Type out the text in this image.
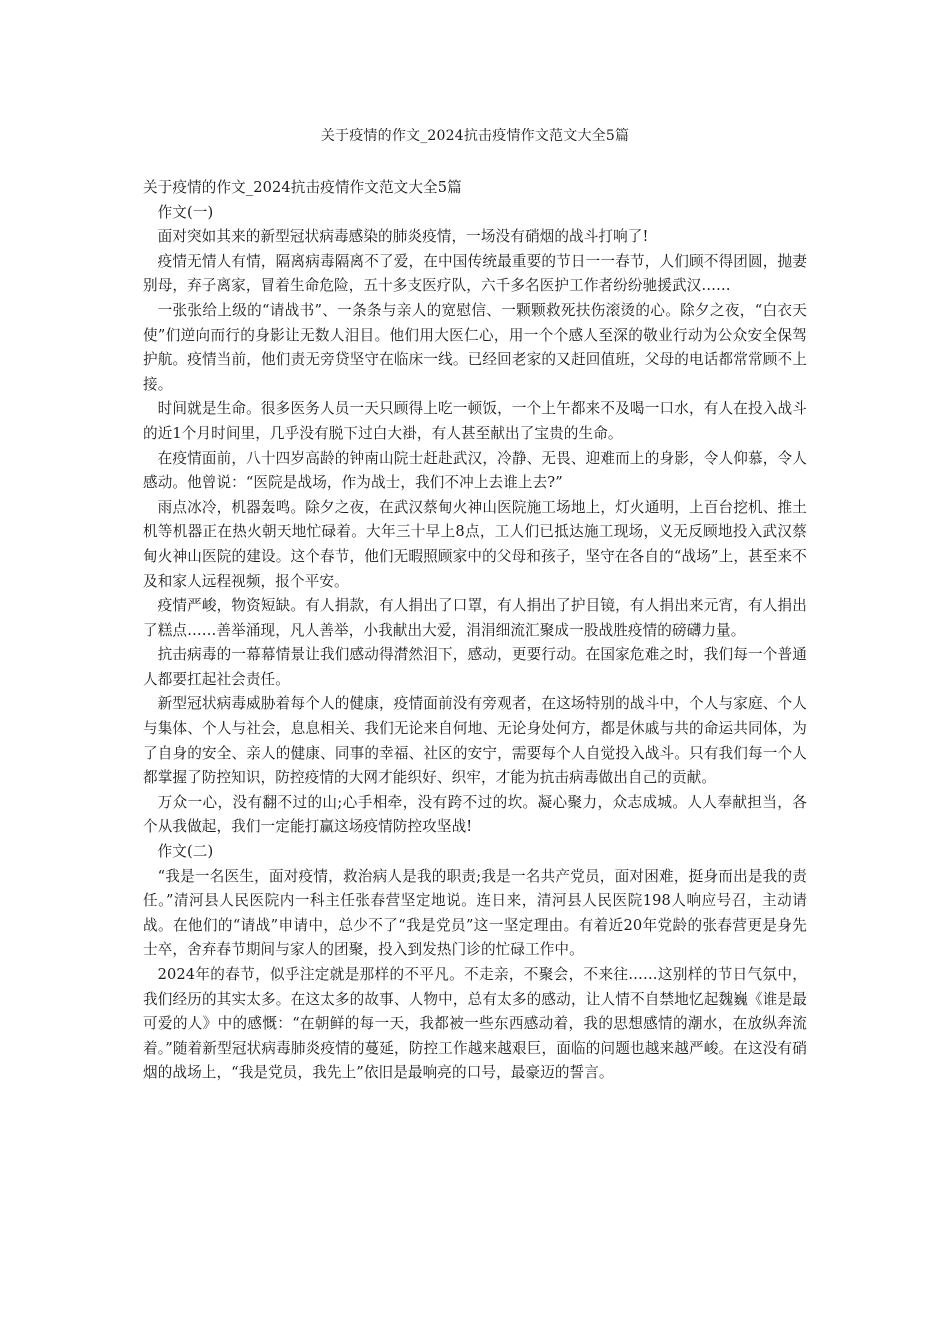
关于疫情的作文_2024抗击疫情作文范文大全5篇

关于疫情的作文_2024抗击疫情作文范文大全5篇

作文(一)

面对突如其来的新型冠状病毒感染的肺炎疫情，一场没有硝烟的战斗打响了!

疫情无情人有情，隔离病毒隔离不了爱，在中国传统最重要的节日一一春节，人们顾不得团圆，抛妻别母，弃子离家，冒着生命危险，五十多支医疗队，六千多名医护工作者纷纷驰援武汉……

一张张给上级的“请战书”、一条条与亲人的宽慰信、一颗颗救死扶伤滚烫的心。除夕之夜，“白衣天使”们逆向而行的身影让无数人泪目。他们用大医仁心，用一个个感人至深的敬业行动为公众安全保驾护航。疫情当前，他们责无旁贷坚守在临床一线。已经回老家的又赶回值班，父母的电话都常常顾不上接。

时间就是生命。很多医务人员一天只顾得上吃一顿饭，一个上午都来不及喝一口水，有人在投入战斗的近1个月时间里，几乎没有脱下过白大褂，有人甚至献出了宝贵的生命。

在疫情面前，八十四岁高龄的钟南山院士赶赴武汉，冷静、无畏、迎难而上的身影，令人仰慕，令人感动。他曾说：“医院是战场，作为战士，我们不冲上去谁上去?”

雨点冰冷，机器轰鸣。除夕之夜，在武汉蔡甸火神山医院施工场地上，灯火通明，上百台挖机、推土机等机器正在热火朝天地忙碌着。大年三十早上8点，工人们已抵达施工现场，义无反顾地投入武汉蔡甸火神山医院的建设。这个春节，他们无暇照顾家中的父母和孩子，坚守在各自的“战场”上，甚至来不及和家人远程视频，报个平安。

疫情严峻，物资短缺。有人捐款，有人捐出了口罩，有人捐出了护目镜，有人捐出来元宵，有人捐出了糕点……善举涌现，凡人善举，小我献出大爱，涓涓细流汇聚成一股战胜疫情的磅礴力量。

抗击病毒的一幕幕情景让我们感动得潸然泪下，感动，更要行动。在国家危难之时，我们每一个普通人都要扛起社会责任。

新型冠状病毒威胁着每个人的健康，疫情面前没有旁观者，在这场特别的战斗中，个人与家庭、个人与集体、个人与社会，息息相关、我们无论来自何地、无论身处何方，都是休戚与共的命运共同体，为了自身的安全、亲人的健康、同事的幸福、社区的安宁，需要每个人自觉投入战斗。只有我们每一个人都掌握了防控知识，防控疫情的大网才能织好、织牢，才能为抗击病毒做出自己的贡献。

万众一心，没有翻不过的山;心手相牵，没有跨不过的坎。凝心聚力，众志成城。人人奉献担当，各个从我做起，我们一定能打赢这场疫情防控攻坚战!

作文(二)

“我是一名医生，面对疫情，救治病人是我的职责;我是一名共产党员，面对困难，挺身而出是我的责任。”清河县人民医院内一科主任张春营坚定地说。连日来，清河县人民医院198人响应号召，主动请战。在他们的“请战”申请中，总少不了“我是党员”这一坚定理由。有着近20年党龄的张春营更是身先士卒，舍弃春节期间与家人的团聚，投入到发热门诊的忙碌工作中。

2024年的春节，似乎注定就是那样的不平凡。不走亲，不聚会，不来往……这别样的节日气氛中，我们经历的其实太多。在这太多的故事、人物中，总有太多的感动，让人情不自禁地忆起魏巍《谁是最可爱的人》中的感慨：“在朝鲜的每一天，我都被一些东西感动着，我的思想感情的潮水，在放纵奔流着。”随着新型冠状病毒肺炎疫情的蔓延，防控工作越来越艰巨，面临的问题也越来越严峻。在这没有硝烟的战场上，“我是党员，我先上”依旧是最响亮的口号，最豪迈的誓言。
